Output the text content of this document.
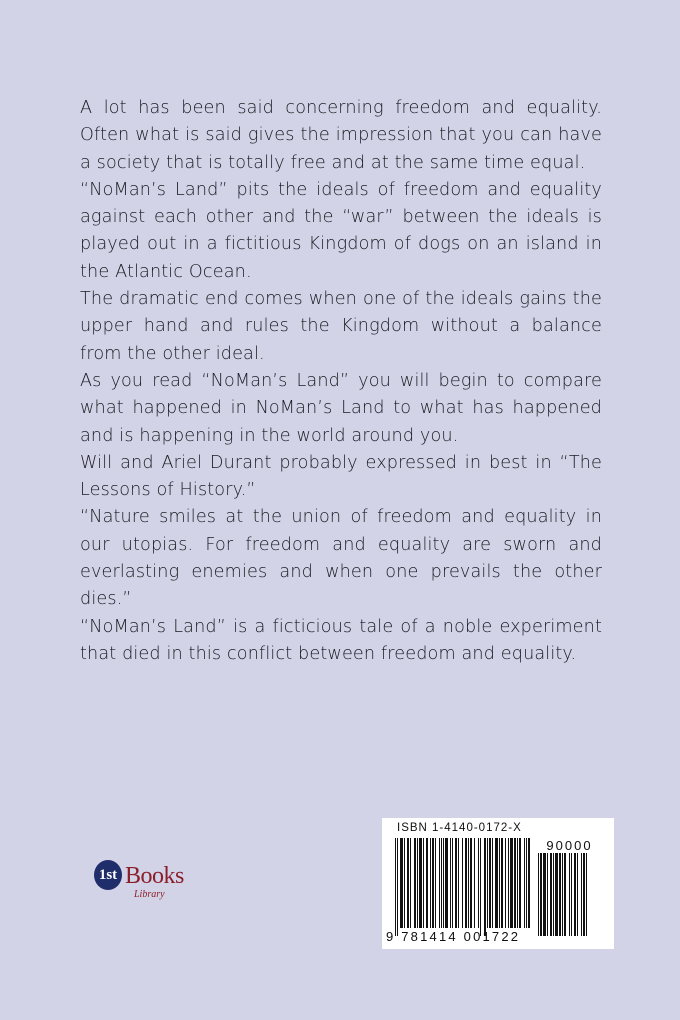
A lot has been said concerning freedom and equality. Often what is said gives the impression that you can have a society that is totally free and at the same time equal.

“NoMan’s Land” pits the ideals of freedom and equality against each other and the “war” between the ideals is played out in a fictitious Kingdom of dogs on an island in the Atlantic Ocean.

The dramatic end comes when one of the ideals gains the upper hand and rules the Kingdom without a balance from the other ideal.

As you read “NoMan’s Land” you will begin to compare what happened in NoMan’s Land to what has happened and is happening in the world around you.

Will and Ariel Durant probably expressed in best in “The Lessons of History.”

“Nature smiles at the union of freedom and equality in our utopias. For freedom and equality are sworn and everlasting enemies and when one prevails the other dies.”

“NoMan’s Land” is a ficticious tale of a noble experiment that died in this conflict between freedom and equality.

1st Books
Library
ISBN 1-4140-0172-X
90000
9 781414 001722
